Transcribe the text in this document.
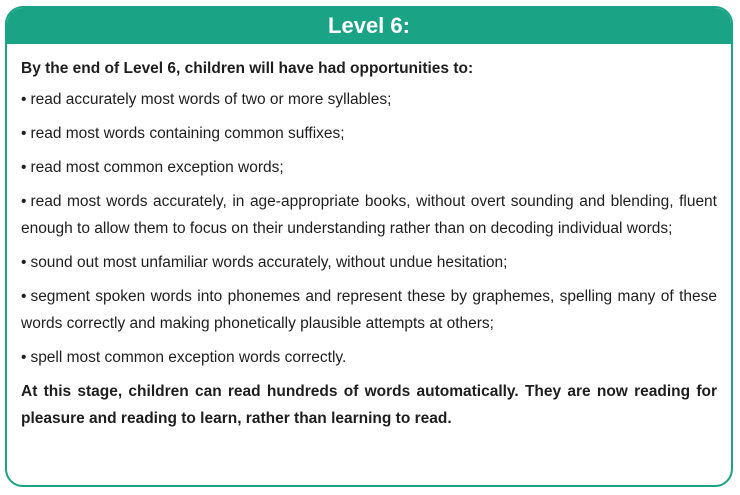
Level 6:

By the end of Level 6, children will have had opportunities to:

• read accurately most words of two or more syllables;
• read most words containing common suffixes;
• read most common exception words;
• read most words accurately, in age-appropriate books, without overt sounding and blending, fluent enough to allow them to focus on their understanding rather than on decoding individual words;
• sound out most unfamiliar words accurately, without undue hesitation;
• segment spoken words into phonemes and represent these by graphemes, spelling many of these words correctly and making phonetically plausible attempts at others;
• spell most common exception words correctly.

At this stage, children can read hundreds of words automatically. They are now reading for pleasure and reading to learn, rather than learning to read.
